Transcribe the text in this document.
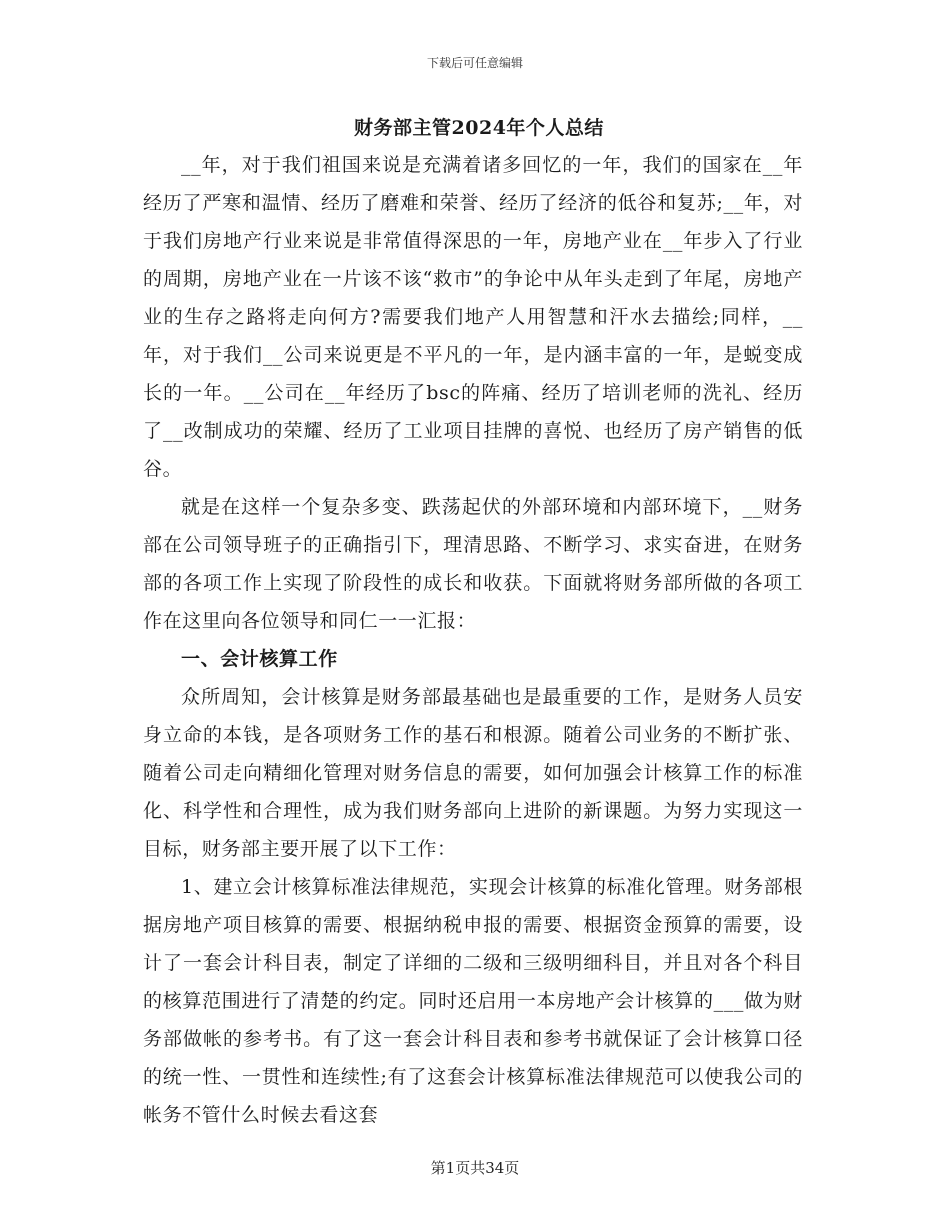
下载后可任意编辑
财务部主管2024年个人总结

__年，对于我们祖国来说是充满着诸多回忆的一年，我们的国家在__年经历了严寒和温情、经历了磨难和荣誉、经历了经济的低谷和复苏;__年，对于我们房地产行业来说是非常值得深思的一年，房地产业在__年步入了行业的周期，房地产业在一片该不该“救市”的争论中从年头走到了年尾，房地产业的生存之路将走向何方?需要我们地产人用智慧和汗水去描绘;同样，__年，对于我们__公司来说更是不平凡的一年，是内涵丰富的一年，是蜕变成长的一年。__公司在__年经历了bsc的阵痛、经历了培训老师的洗礼、经历了__改制成功的荣耀、经历了工业项目挂牌的喜悦、也经历了房产销售的低谷。

就是在这样一个复杂多变、跌荡起伏的外部环境和内部环境下，__财务部在公司领导班子的正确指引下，理清思路、不断学习、求实奋进，在财务部的各项工作上实现了阶段性的成长和收获。下面就将财务部所做的各项工作在这里向各位领导和同仁一一汇报：

一、会计核算工作

众所周知，会计核算是财务部最基础也是最重要的工作，是财务人员安身立命的本钱，是各项财务工作的基石和根源。随着公司业务的不断扩张、随着公司走向精细化管理对财务信息的需要，如何加强会计核算工作的标准化、科学性和合理性，成为我们财务部向上进阶的新课题。为努力实现这一目标，财务部主要开展了以下工作：

1、建立会计核算标准法律规范，实现会计核算的标准化管理。财务部根据房地产项目核算的需要、根据纳税申报的需要、根据资金预算的需要，设计了一套会计科目表，制定了详细的二级和三级明细科目，并且对各个科目的核算范围进行了清楚的约定。同时还启用一本房地产会计核算的___做为财务部做帐的参考书。有了这一套会计科目表和参考书就保证了会计核算口径的统一性、一贯性和连续性;有了这套会计核算标准法律规范可以使我公司的帐务不管什么时候去看这套

第1页共34页
